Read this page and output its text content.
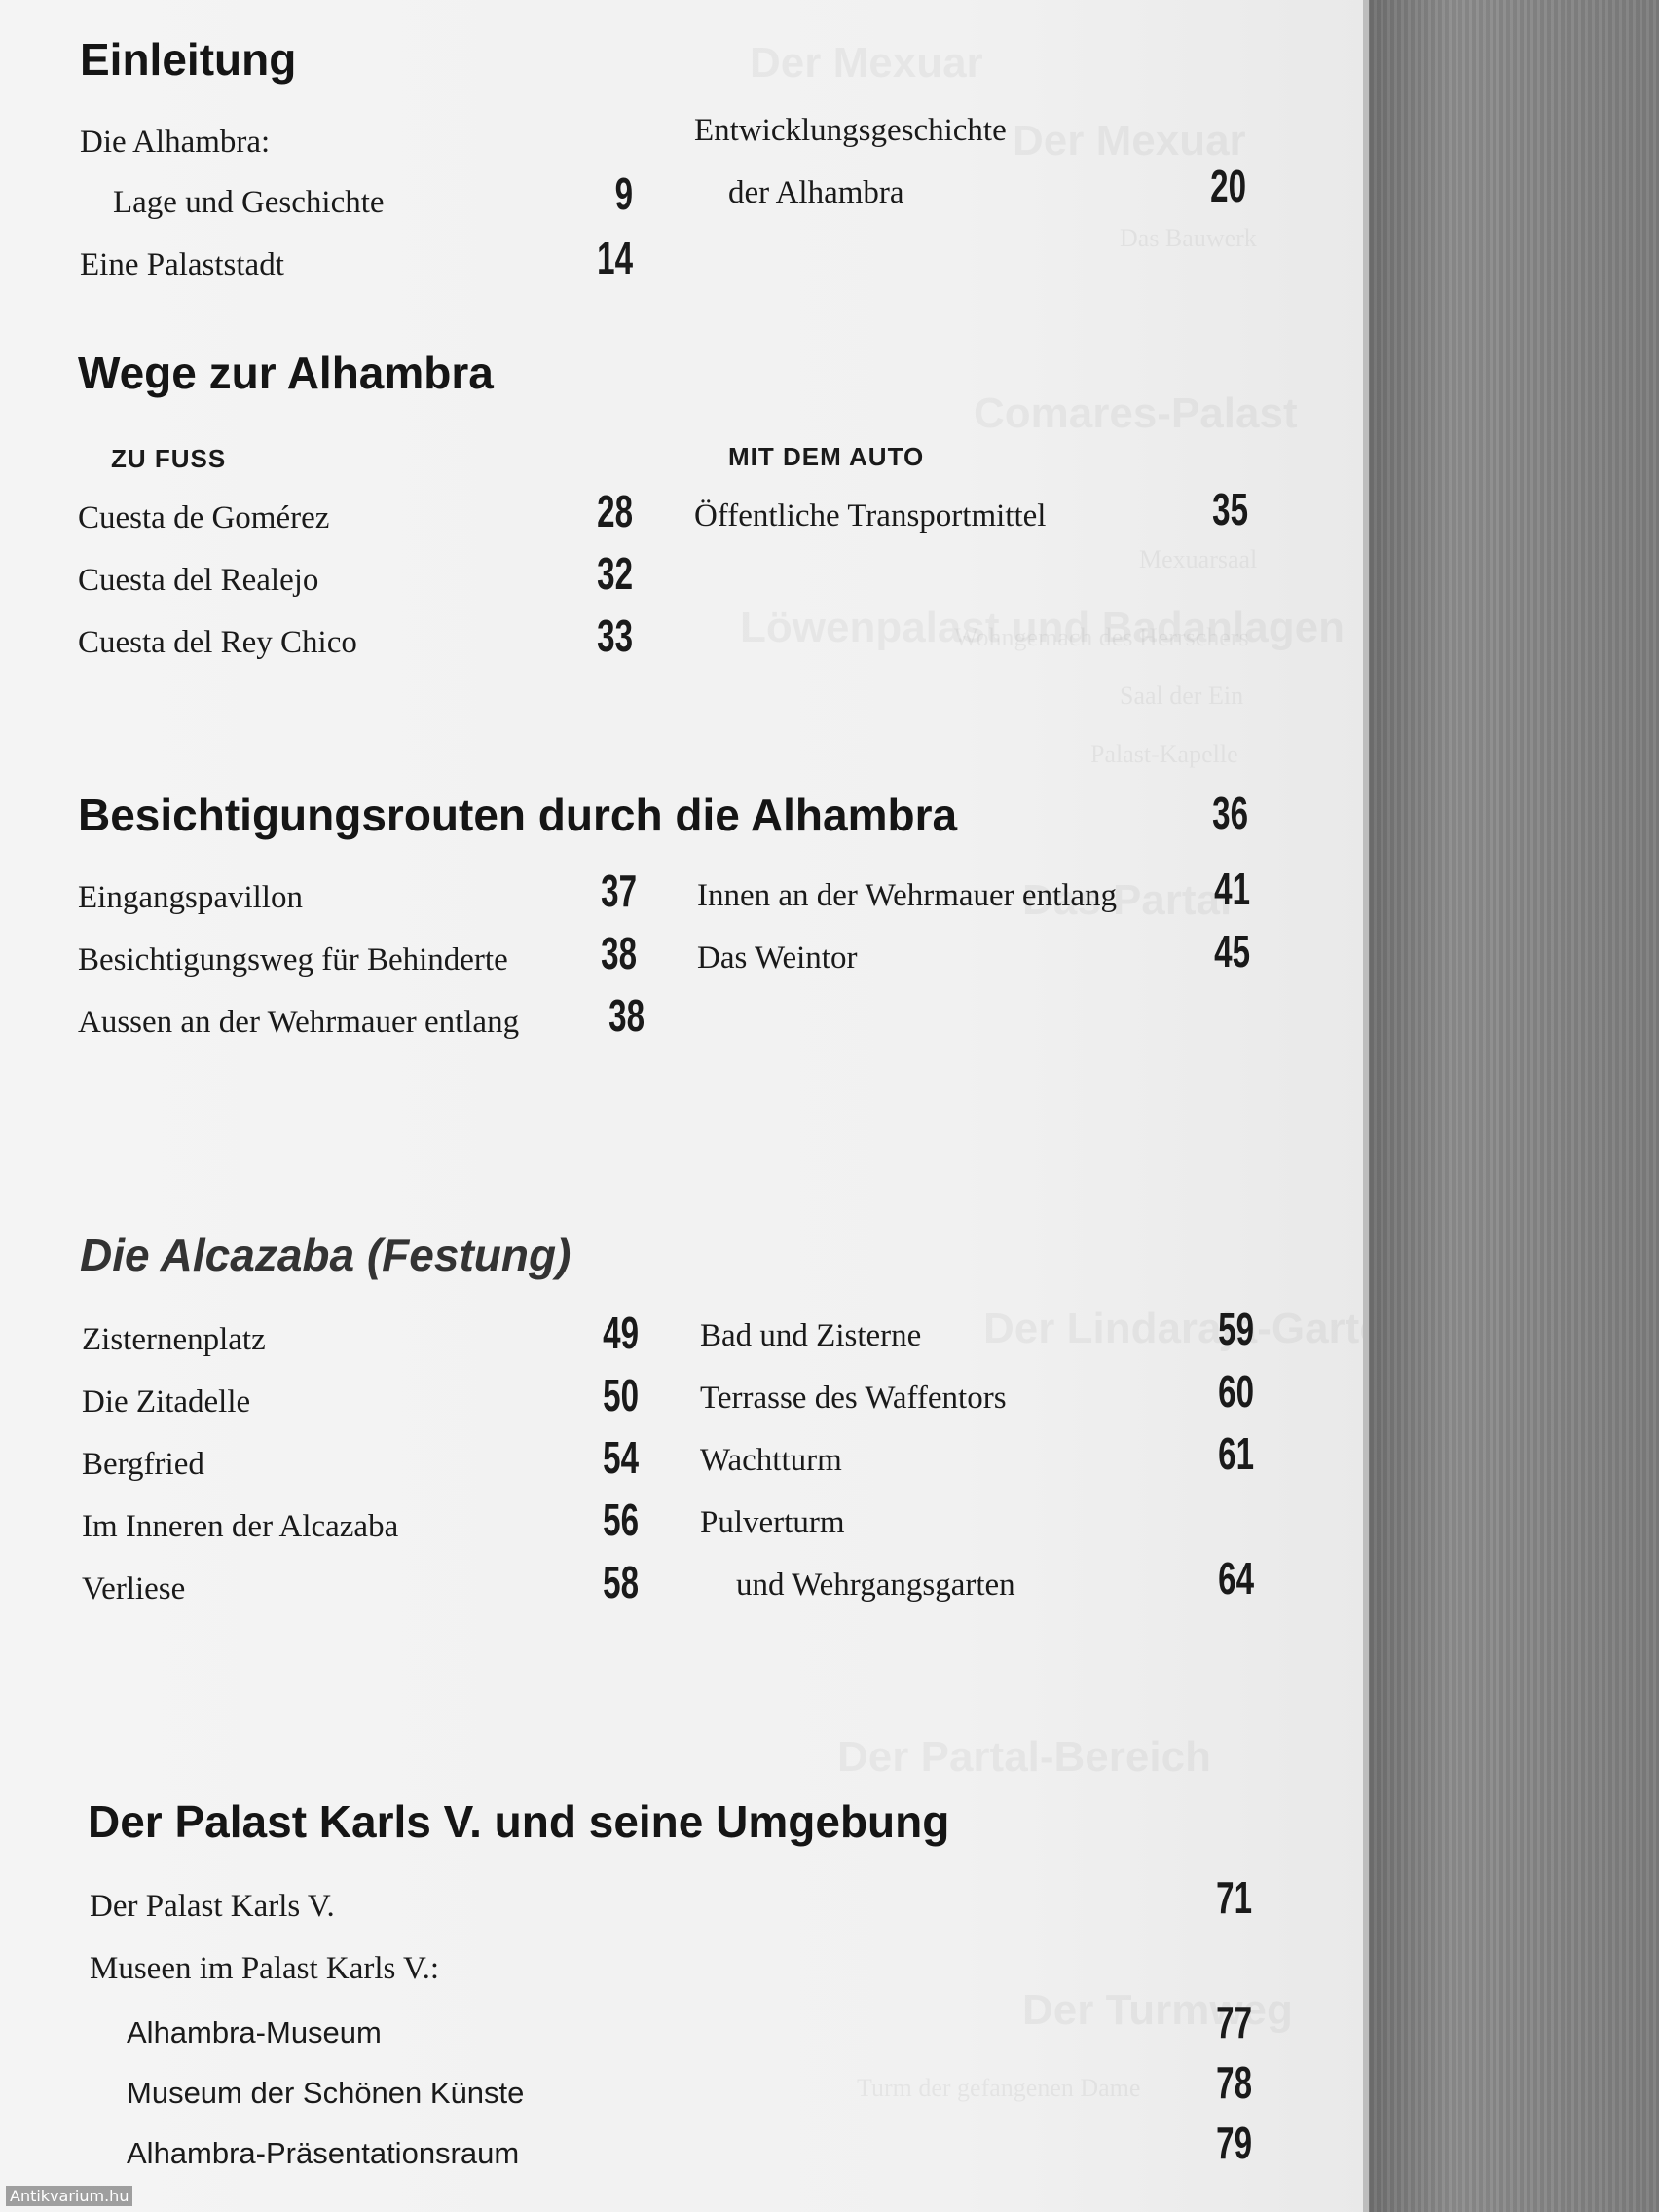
Das Bauwerk
Mexuarsaal
Wohngemach des Herrschers
Saal der Ein
Palast-Kapelle
Turm der gefangenen Dame
Einleitung
Die Alhambra:
Lage und Geschichte	9
Eine Palaststadt	14
Entwicklungsgeschichte
der Alhambra	20
Wege zur Alhambra
ZU FUSS	MIT DEM AUTO
Cuesta de Gomérez	28
Cuesta del Realejo	32
Cuesta del Rey Chico	33
Öffentliche Transportmittel	35
Besichtigungsrouten durch die Alhambra	36
Eingangspavillon	37
Besichtigungsweg für Behinderte	38
Aussen an der Wehrmauer entlang	38
Innen an der Wehrmauer entlang	41
Das Weintor	45
Die Alcazaba (Festung)
Zisternenplatz	49
Die Zitadelle	50
Bergfried	54
Im Inneren der Alcazaba	56
Verliese	58
Bad und Zisterne	59
Terrasse des Waffentors	60
Wachtturm	61
Pulverturm
und Wehrgangsgarten	64
Der Palast Karls V. und seine Umgebung
Der Palast Karls V.	71
Museen im Palast Karls V.:
Alhambra-Museum	77
Museum der Schönen Künste	78
Alhambra-Präsentationsraum	79
Antikvarium.hu
